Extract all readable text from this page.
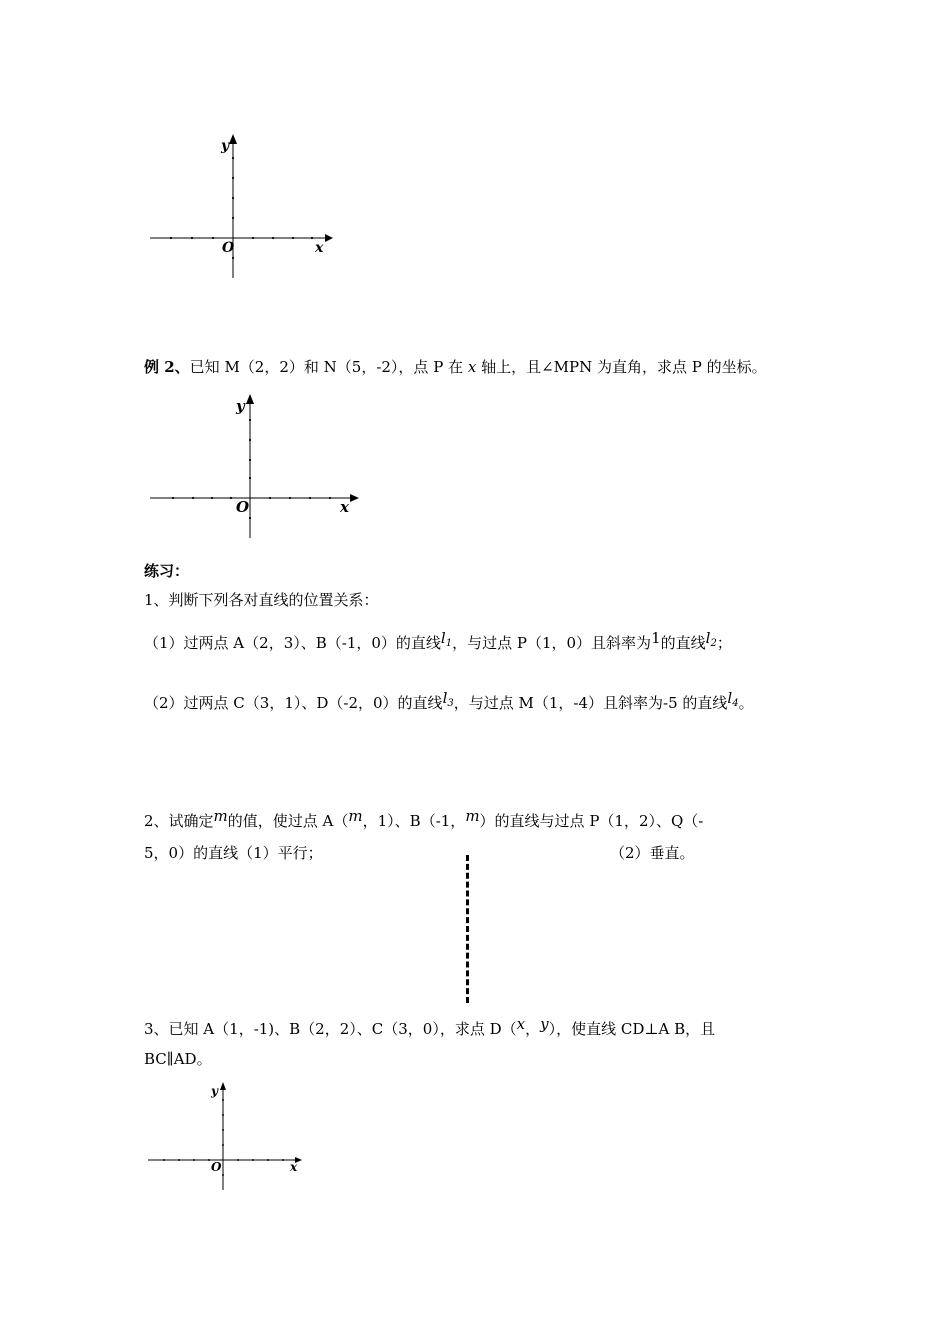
y
O	x
例 2、已知 M（2，2）和 N（5，-2），点 P 在 x 轴上，且∠MPN 为直角，求点 P 的坐标。
y
O	x
练习：
1、判断下列各对直线的位置关系：
（1）过两点 A（2，3）、B（-1，0）的直线$l_1$，与过点 P（1，0）且斜率为1的直线$l_2$；
（2）过两点 C（3，1）、D（-2，0）的直线$l_3$，与过点 M（1，-4）且斜率为-5 的直线$l_4$。
2、试确定m的值，使过点 A（m，1）、B（-1，m）的直线与过点 P（1，2）、Q（-
5，0）的直线（1）平行；	（2）垂直。
3、已知 A（1，-1)、B（2，2）、C（3，0），求点 D（x，y），使直线 CD⊥A B，且
BC∥AD。
y
O	x
